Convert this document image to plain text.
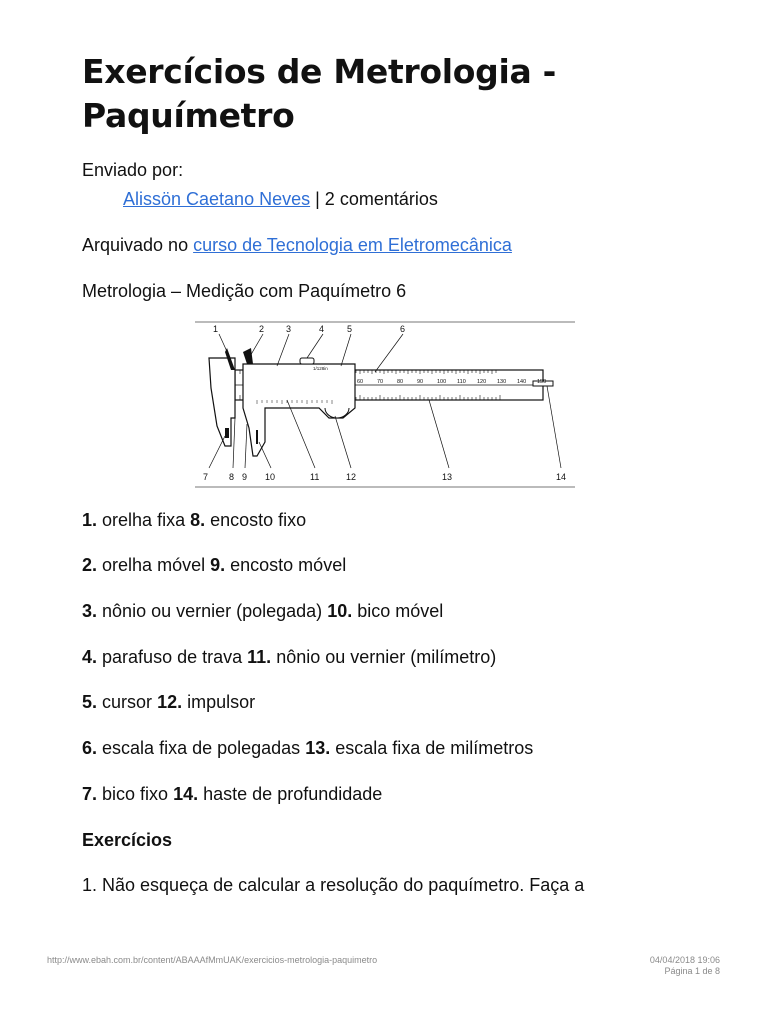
Exercícios de Metrologia - Paquímetro
Enviado por:
Alissön Caetano Neves | 2 comentários
Arquivado no curso de Tecnologia em Eletromecânica
Metrologia – Medição com Paquímetro 6
60	70	80	90	100 110 120 130 140 150
1/128in
1	2 3	4	5	6
7 8 9 10	11	12	13	14
1. orelha fixa 8. encosto fixo
2. orelha móvel 9. encosto móvel
3. nônio ou vernier (polegada) 10. bico móvel
4. parafuso de trava 11. nônio ou vernier (milímetro)
5. cursor 12. impulsor
6. escala fixa de polegadas 13. escala fixa de milímetros
7. bico fixo 14. haste de profundidade
Exercícios
1. Não esqueça de calcular a resolução do paquímetro. Faça a
http://www.ebah.com.br/content/ABAAAfMmUAK/exercicios-metrologia-paquimetro	04/04/2018 19:06
Página 1 de 8
